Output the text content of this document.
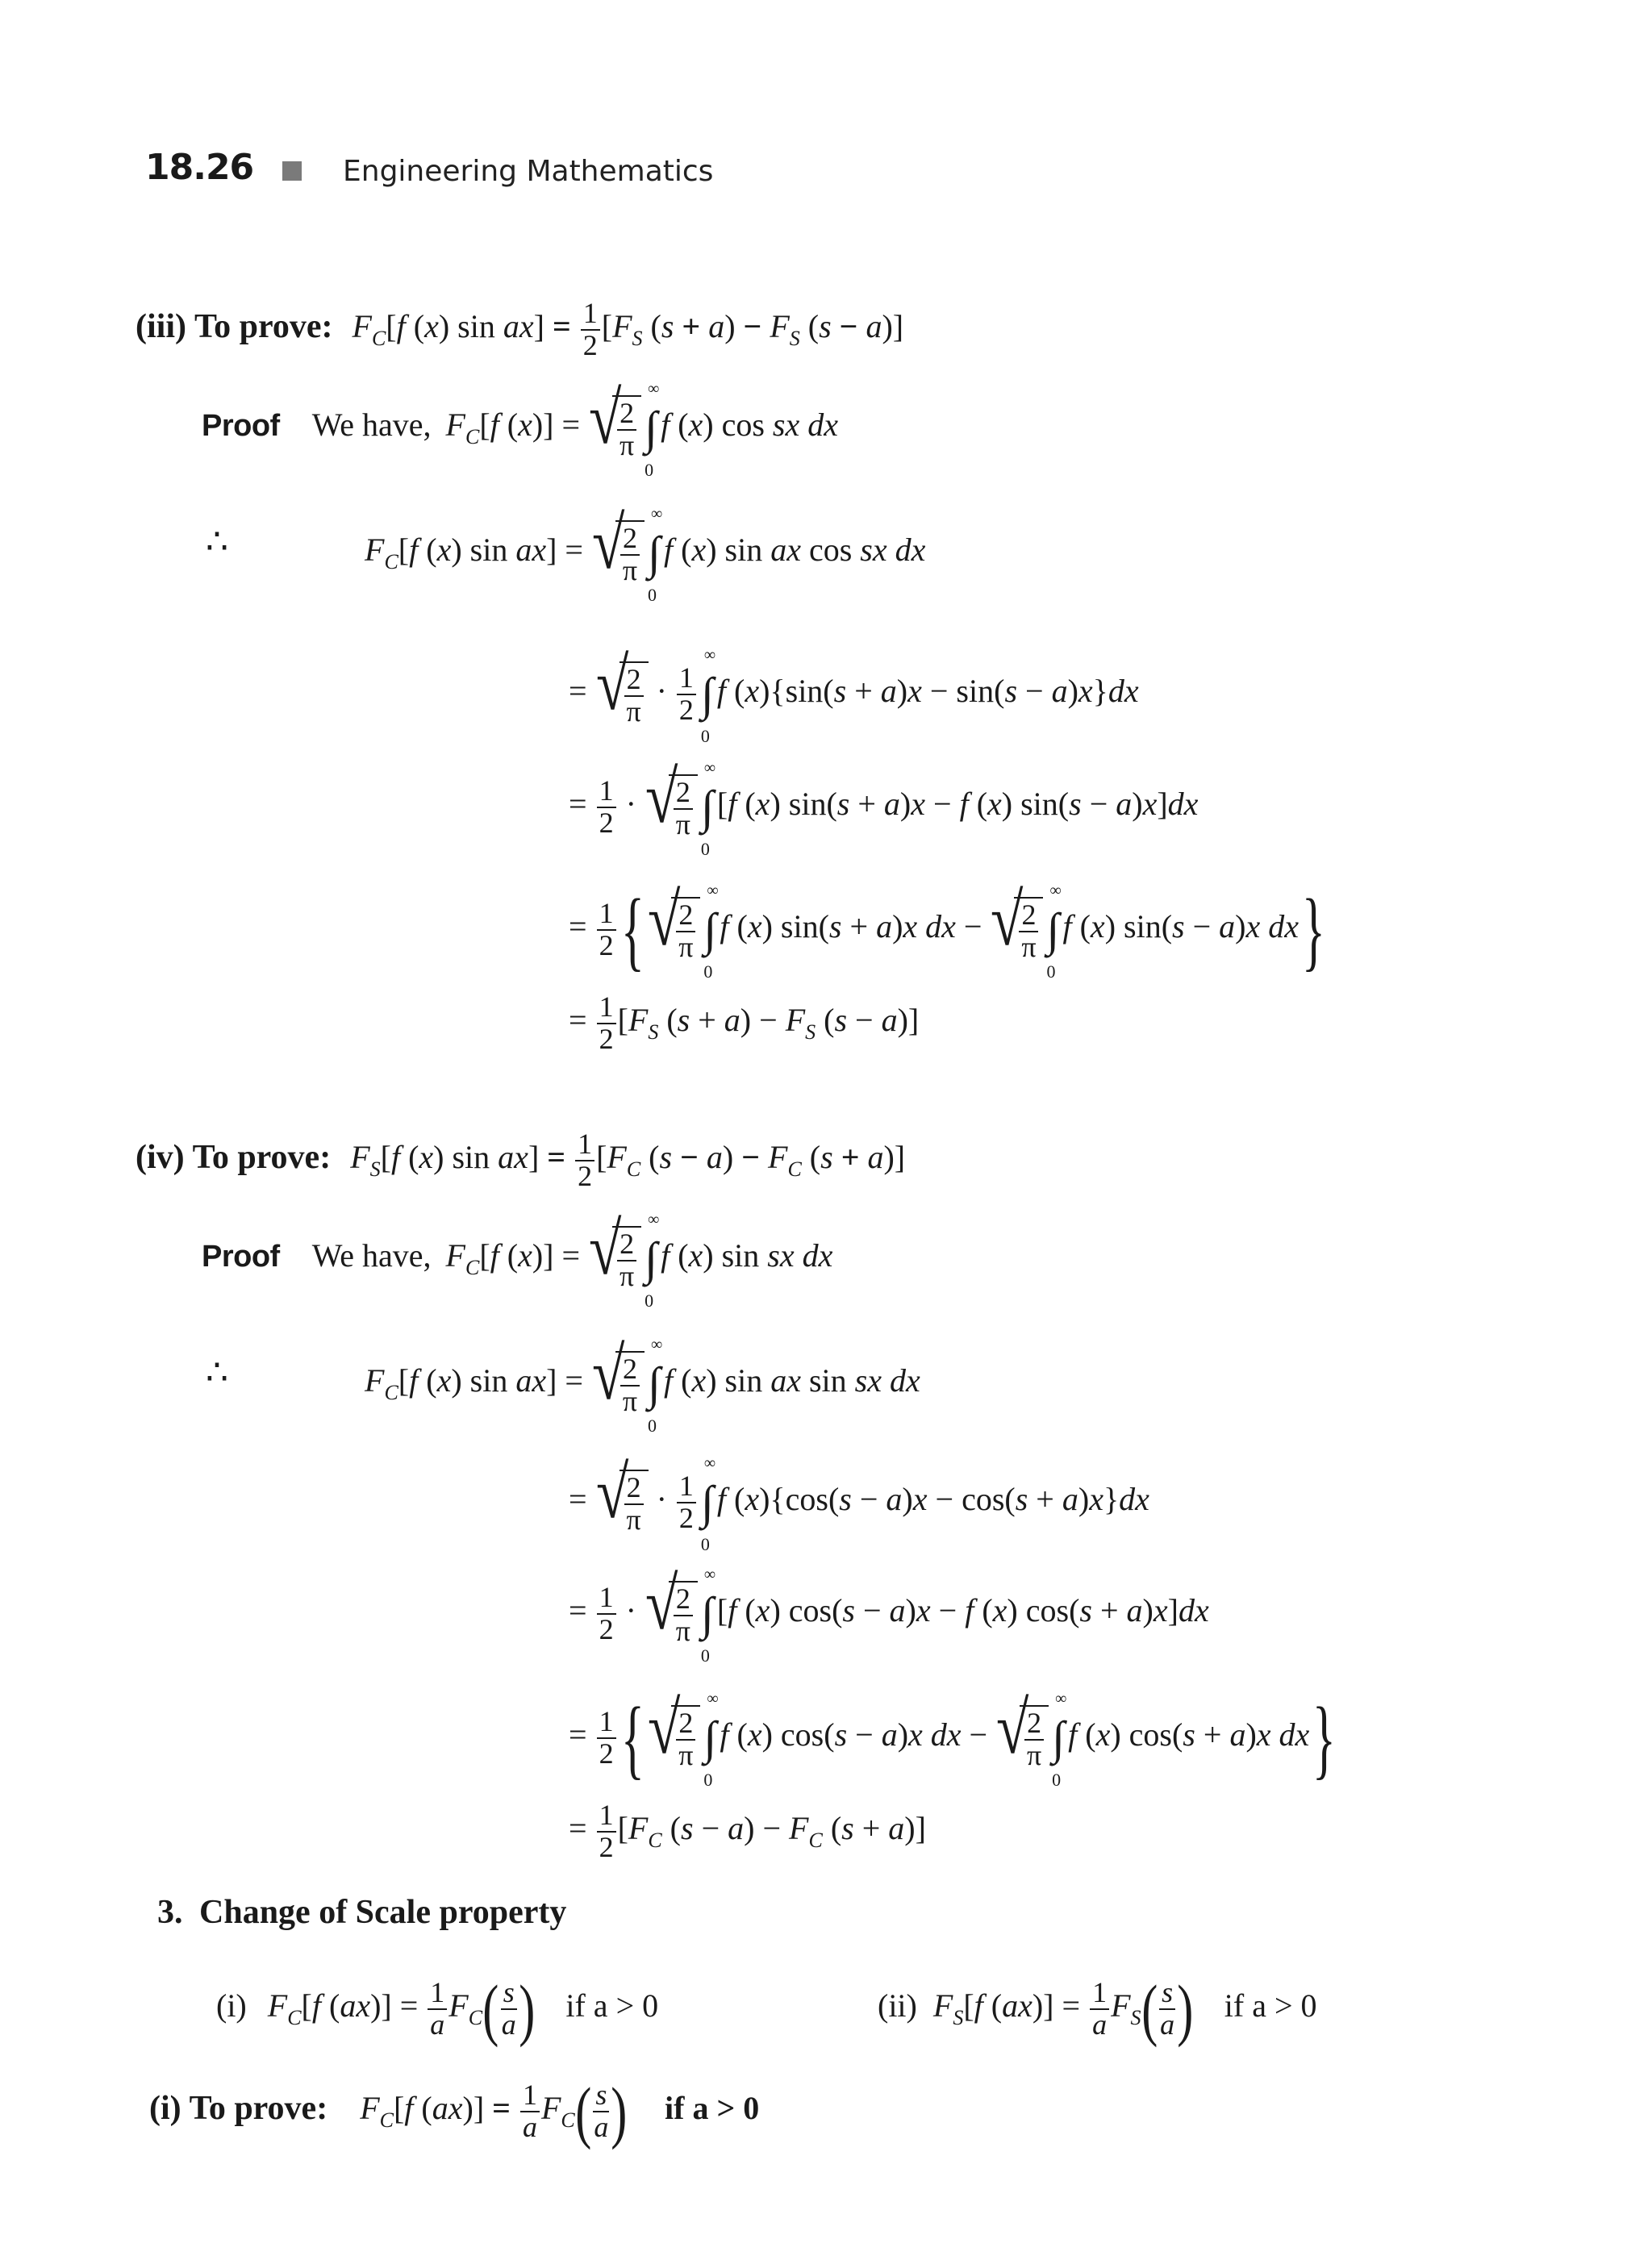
18.26	Engineering Mathematics
(iii) To prove: $F_C[f$ (x) $\sin ax] = \frac{1}{2} [F_S$ $(s + a) - F_S$ (s − a)]
Proof We have, $F_C[f$ (x)] = √ $\frac{2}{\pi}$ ∫
∞
0
f (x) cos sx dx
∴	$F_C[f$ (x) sin ax] = √ $\frac{2}{\pi}$ ∫
∞
0
f (x) sin ax cos sx dx
= √ $\frac{2}{\pi} \cdot \frac{1}{2}$ ∫
∞
0
f (x){sin(s + a)x − sin(s − a)x}dx
= $\frac{1}{2}$ · √ $\frac{2}{\pi}$ ∫
∞
0
[f (x) sin(s + a)x − f (x) sin(s − a)x]dx
= $\frac{1}{2}$ { √ $\frac{2}{\pi}$ ∫
∞
0
f (x) sin(s + a)x dx − √ $\frac{2}{\pi}$ ∫
∞
0
f (x) sin(s − a)x dx}
= $\frac{1}{2} [F_S$ $(s + a) - F_S$ (s − a)]
(iv) To prove: $F_S[f$ (x) $\sin ax] = \frac{1}{2} [F_C$ $(s - a) - F_C$ (s + a)]
Proof We have, $F_C[f$ (x)] = √ $\frac{2}{\pi}$ ∫
∞
0
f (x) sin sx dx
∴	$F_C[f$ (x) sin ax] = √ $\frac{2}{\pi}$ ∫
∞
0
f (x) sin ax sin sx dx
= √ $\frac{2}{\pi} \cdot \frac{1}{2}$ ∫
∞
0
f (x){cos(s − a)x − cos(s + a)x}dx
= $\frac{1}{2}$ · √ $\frac{2}{\pi}$ ∫
∞
0
[f (x) cos(s − a)x − f (x) cos(s + a)x]dx
= $\frac{1}{2}$ { √ $\frac{2}{\pi}$ ∫
∞
0
f (x) cos(s − a)x dx − √ $\frac{2}{\pi}$ ∫
∞
0
f (x) cos(s + a)x dx}
= $\frac{1}{2} [F_C$ $(s - a) - F_C$ (s + a)]
3. Change of Scale property
(i) $F_C[f$ $(ax)] = \frac{1}{a} F_C( \frac{s}{a}$ ) if a > 0	(ii) $F_S[f$ $(ax)] = \frac{1}{a} F_S( \frac{s}{a}$ ) if a > 0
(i) To prove: $F_C[f$ $(ax)] = \frac{1}{a} F_C( \frac{s}{a}$ ) if a > 0
